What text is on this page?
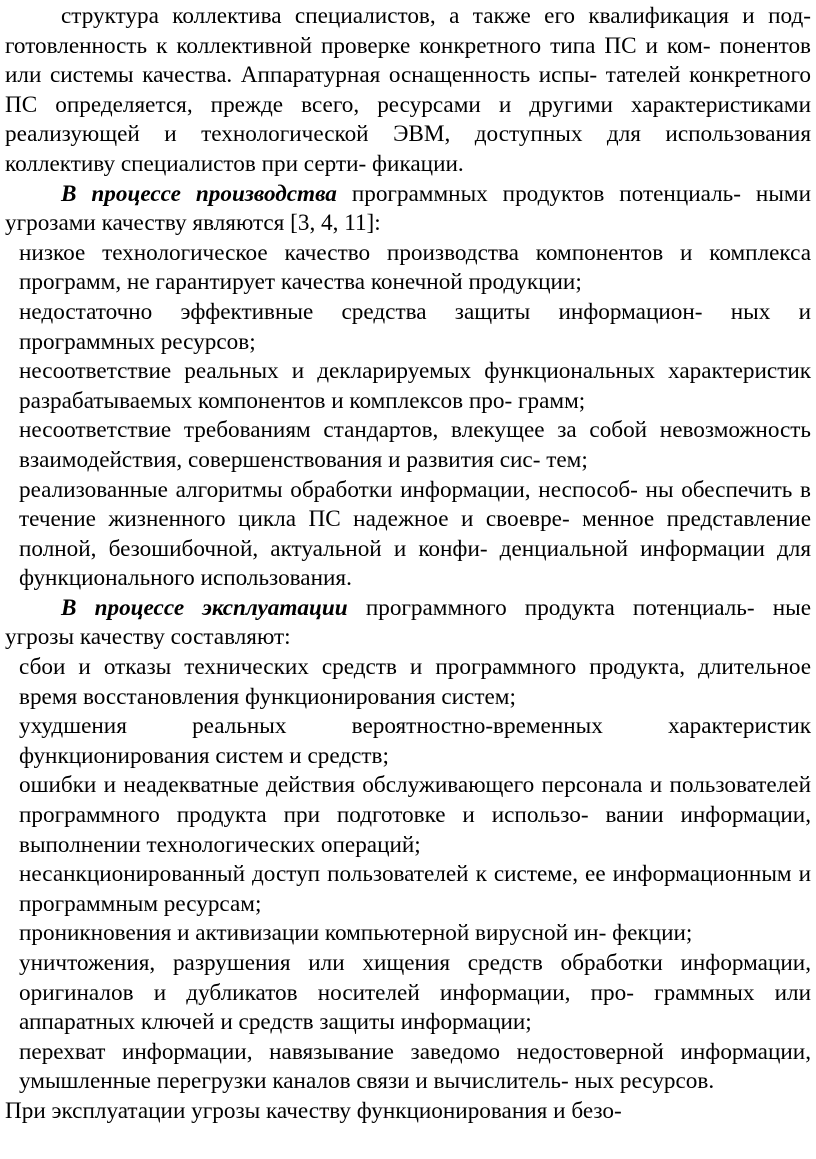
структура коллектива специалистов, а также его квалификация и под- готовленность к коллективной проверке конкретного типа ПС и ком- понентов или системы качества. Аппаратурная оснащенность испы- тателей конкретного ПС определяется, прежде всего, ресурсами и другими характеристиками реализующей и технологической ЭВМ, доступных для использования коллективу специалистов при серти- фикации.

В процессе производства программных продуктов потенциаль- ными угрозами качеству являются [3, 4, 11]:

низкое технологическое качество производства компонентов и комплекса программ, не гарантирует качества конечной продукции;

недостаточно эффективные средства защиты информацион- ных и программных ресурсов;

несоответствие реальных и декларируемых функциональных характеристик разрабатываемых компонентов и комплексов про- грамм;

несоответствие требованиям стандартов, влекущее за собой невозможность взаимодействия, совершенствования и развития сис- тем;

реализованные алгоритмы обработки информации, неспособ- ны обеспечить в течение жизненного цикла ПС надежное и своевре- менное представление полной, безошибочной, актуальной и конфи- денциальной информации для функционального использования.

В процессе эксплуатации программного продукта потенциаль- ные угрозы качеству составляют:

сбои и отказы технических средств и программного продукта, длительное время восстановления функционирования систем;

ухудшения реальных вероятностно-временных характеристик функционирования систем и средств;

ошибки и неадекватные действия обслуживающего персонала и пользователей программного продукта при подготовке и использо- вании информации, выполнении технологических операций;

несанкционированный доступ пользователей к системе, ее информационным и программным ресурсам;

проникновения и активизации компьютерной вирусной ин- фекции;

уничтожения, разрушения или хищения средств обработки информации, оригиналов и дубликатов носителей информации, про- граммных или аппаратных ключей и средств защиты информации;

перехват информации, навязывание заведомо недостоверной информации, умышленные перегрузки каналов связи и вычислитель- ных ресурсов.

При эксплуатации угрозы качеству функционирования и безо-
